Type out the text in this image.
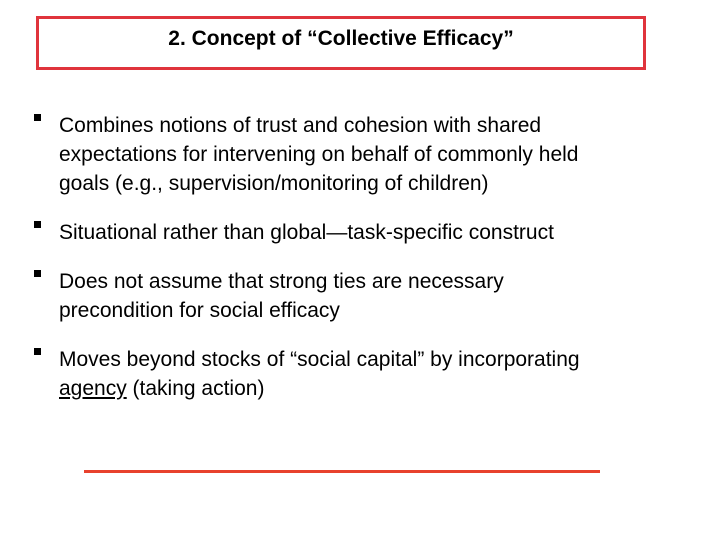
2. Concept of “Collective Efficacy”
Combines notions of trust and cohesion with shared
expectations for intervening on behalf of commonly held
goals (e.g., supervision/monitoring of children)
Situational rather than global—task-specific construct
Does not assume that strong ties are necessary
precondition for social efficacy
Moves beyond stocks of “social capital” by incorporating
agency (taking action)
